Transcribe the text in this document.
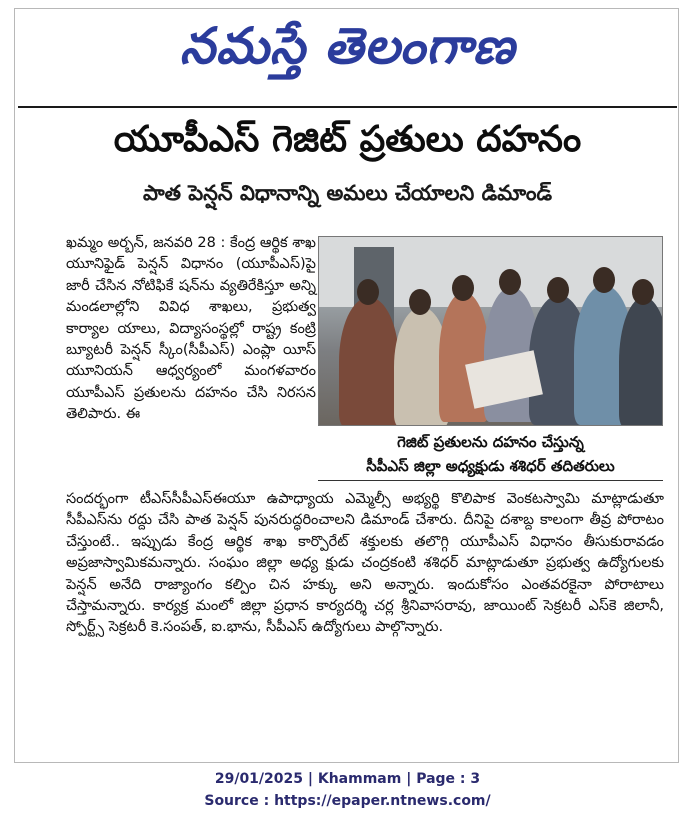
నమస్తే తెలంగాణ
యూపీఎస్ గెజిట్ ప్రతులు దహనం
పాత పెన్షన్ విధానాన్ని అమలు చేయాలని డిమాండ్

ఖమ్మం అర్బన్, జనవరి 28 : కేంద్ర ఆర్థిక శాఖ యూనిఫైడ్ పెన్షన్ విధానం (యూపీఎస్)పై జారీ చేసిన నోటిఫికే షన్‌ను వ్యతిరేకిస్తూ అన్ని మండలాల్లోని వివిధ శాఖలు, ప్రభుత్వ కార్యాల యాలు, విద్యాసంస్థల్లో రాష్ట్ర కంట్రి బ్యూటరీ పెన్షన్ స్కీం(సీపీఎస్) ఎంప్లా యీస్ యూనియన్ ఆధ్వర్యంలో మంగళవారం యూపీఎస్ ప్రతులను దహనం చేసి నిరసన తెలిపారు. ఈ

గెజిట్ ప్రతులను దహనం చేస్తున్న
సీపీఎస్ జిల్లా అధ్యక్షుడు శశిధర్ తదితరులు

సందర్భంగా టీఎస్‌సీపీఎస్‌ఈయూ ఉపాధ్యాయ ఎమ్మెల్సీ అభ్యర్థి కొలిపాక వెంకటస్వామి మాట్లాడుతూ సీపీఎస్‌ను రద్దు చేసి పాత పెన్షన్ పునరుద్ధరించాలని డిమాండ్ చేశారు. దీనిపై దశాబ్ద కాలంగా తీవ్ర పోరాటం చేస్తుంటే.. ఇప్పుడు కేంద్ర ఆర్థిక శాఖ కార్పొరేట్ శక్తులకు తలొగ్గి యూపీఎస్ విధానం తీసుకురావడం అప్రజాస్వామికమన్నారు. సంఘం జిల్లా అధ్య క్షుడు చంద్రకంటి శశిధర్ మాట్లాడుతూ ప్రభుత్వ ఉద్యోగులకు పెన్షన్ అనేది రాజ్యాంగం కల్పిం చిన హక్కు అని అన్నారు. ఇందుకోసం ఎంతవరకైనా పోరాటాలు చేస్తామన్నారు. కార్యక్ర మంలో జిల్లా ప్రధాన కార్యదర్శి చర్ల శ్రీనివాసరావు, జాయింట్ సెక్రటరీ ఎస్‌కె జిలానీ, స్పోర్ట్స్ సెక్రటరీ కె.సంపత్, ఐ.భాను, సీపీఎస్ ఉద్యోగులు పాల్గొన్నారు.

29/01/2025 | Khammam | Page : 3
Source : https://epaper.ntnews.com/
